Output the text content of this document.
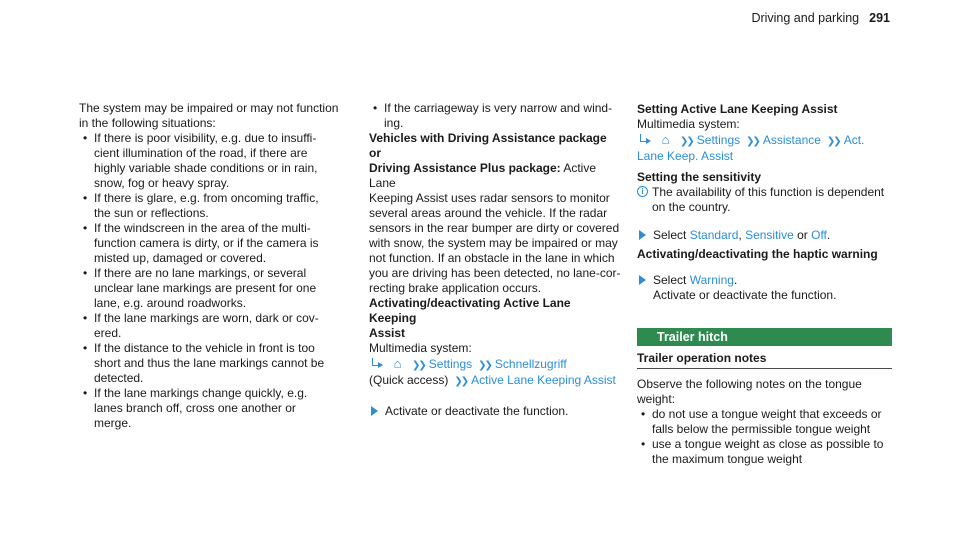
Driving and parking 291

The system may be impaired or may not function
in the following situations:

• If there is poor visibility, e.g. due to insuffi-
cient illumination of the road, if there are
highly variable shade conditions or in rain,
snow, fog or heavy spray.
• If there is glare, e.g. from oncoming traffic,
the sun or reflections.
• If the windscreen in the area of the multi-
function camera is dirty, or if the camera is
misted up, damaged or covered.
• If there are no lane markings, or several
unclear lane markings are present for one
lane, e.g. around roadworks.
• If the lane markings are worn, dark or cov-
ered.
• If the distance to the vehicle in front is too
short and thus the lane markings cannot be
detected.
• If the lane markings change quickly, e.g.
lanes branch off, cross one another or
merge.
• If the carriageway is very narrow and wind-
ing.

Vehicles with Driving Assistance package or
Driving Assistance Plus package: Active Lane
Keeping Assist uses radar sensors to monitor
several areas around the vehicle. If the radar
sensors in the rear bumper are dirty or covered
with snow, the system may be impaired or may
not function. If an obstacle in the lane in which
you are driving has been detected, no lane-cor-
recting brake application occurs.

Activating/deactivating Active Lane Keeping
Assist

Multimedia system:

⌂ ❯❯ Settings ❯❯ Schnellzugriff

(Quick access) ❯❯ Active Lane Keeping Assist

Activate or deactivate the function.

Setting Active Lane Keeping Assist

Multimedia system:

⌂ ❯❯ Settings ❯❯ Assistance ❯❯ Act.

Lane Keep. Assist

Setting the sensitivity

i The availability of this function is dependent
on the country.

Select Standard, Sensitive or Off.

Activating/deactivating the haptic warning

Select Warning.
Activate or deactivate the function.
Trailer hitch
Trailer operation notes

Observe the following notes on the tongue
weight:

• do not use a tongue weight that exceeds or
falls below the permissible tongue weight
• use a tongue weight as close as possible to
the maximum tongue weight
